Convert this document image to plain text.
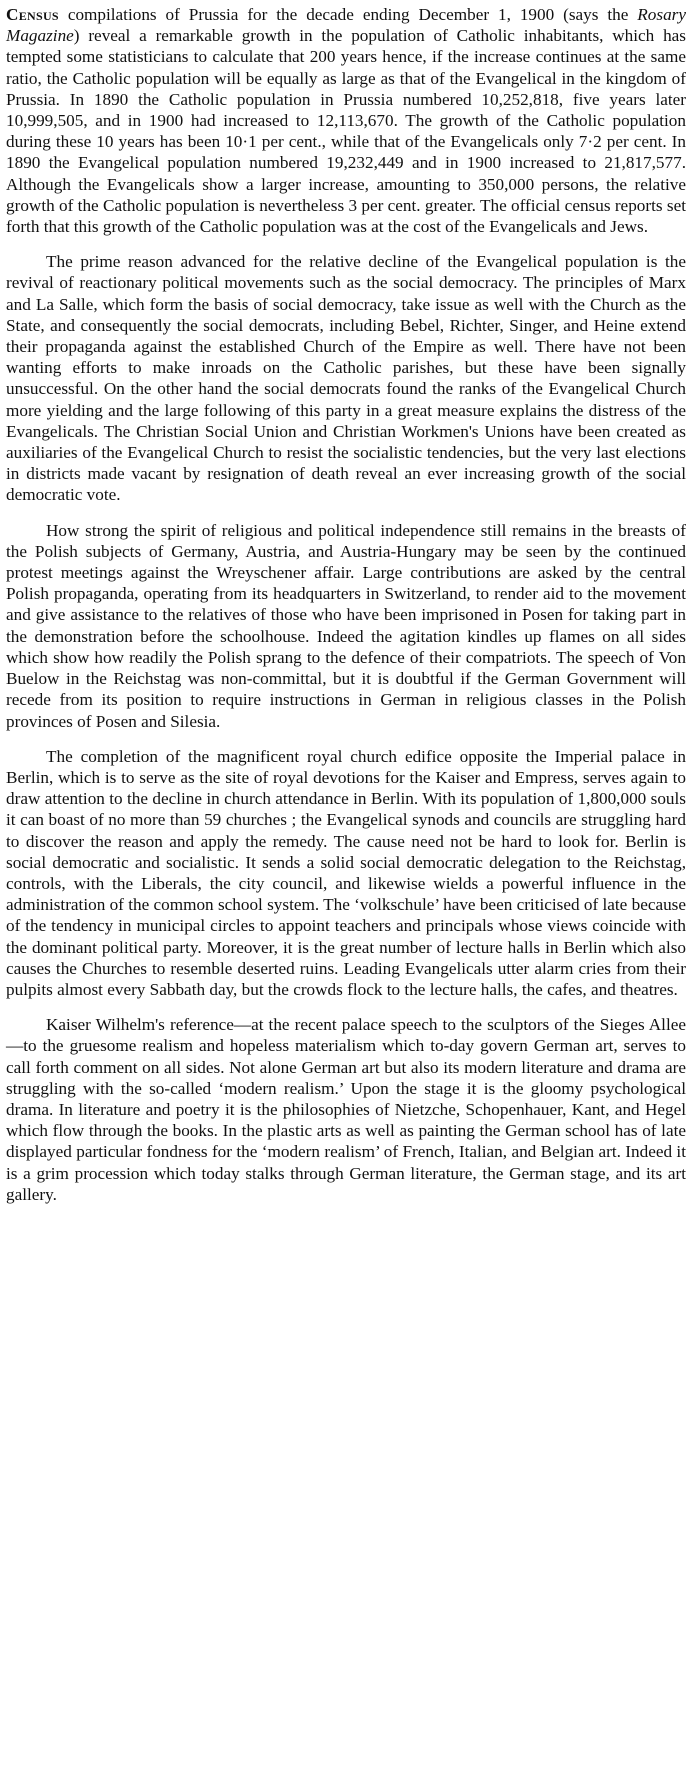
Census compilations of Prussia for the decade ending December 1, 1900 (says the Rosary Magazine) reveal a remarkable growth in the population of Catholic inhabitants, which has tempted some statisticians to calculate that 200 years hence, if the increase continues at the same ratio, the Catholic population will be equally as large as that of the Evangelical in the kingdom of Prussia. In 1890 the Catholic population in Prussia numbered 10,252,818, five years later 10,999,505, and in 1900 had increased to 12,113,670. The growth of the Catholic population during these 10 years has been 10·1 per cent., while that of the Evangelicals only 7·2 per cent. In 1890 the Evangelical population numbered 19,232,449 and in 1900 increased to 21,817,577. Although the Evangelicals show a larger increase, amounting to 350,000 persons, the relative growth of the Catholic population is nevertheless 3 per cent. greater. The official census reports set forth that this growth of the Catholic population was at the cost of the Evangelicals and Jews.

The prime reason advanced for the relative decline of the Evangelical population is the revival of reactionary political movements such as the social democracy. The principles of Marx and La Salle, which form the basis of social democracy, take issue as well with the Church as the State, and consequently the social democrats, including Bebel, Richter, Singer, and Heine extend their propaganda against the established Church of the Empire as well. There have not been wanting efforts to make inroads on the Catholic parishes, but these have been signally unsuccessful. On the other hand the social democrats found the ranks of the Evangelical Church more yielding and the large following of this party in a great measure explains the distress of the Evangelicals. The Christian Social Union and Christian Workmen's Unions have been created as auxiliaries of the Evangelical Church to resist the socialistic tendencies, but the very last elections in districts made vacant by resignation of death reveal an ever increasing growth of the social democratic vote.

How strong the spirit of religious and political independence still remains in the breasts of the Polish subjects of Germany, Austria, and Austria-Hungary may be seen by the continued protest meetings against the Wreyschener affair. Large contributions are asked by the central Polish propaganda, operating from its headquarters in Switzerland, to render aid to the movement and give assistance to the relatives of those who have been imprisoned in Posen for taking part in the demonstration before the schoolhouse. Indeed the agitation kindles up flames on all sides which show how readily the Polish sprang to the defence of their compatriots. The speech of Von Buelow in the Reichstag was non-committal, but it is doubtful if the German Government will recede from its position to require instructions in German in religious classes in the Polish provinces of Posen and Silesia.

The completion of the magnificent royal church edifice opposite the Imperial palace in Berlin, which is to serve as the site of royal devotions for the Kaiser and Empress, serves again to draw attention to the decline in church attendance in Berlin. With its population of 1,800,000 souls it can boast of no more than 59 churches ; the Evangelical synods and councils are struggling hard to discover the reason and apply the remedy. The cause need not be hard to look for. Berlin is social democratic and socialistic. It sends a solid social democratic delegation to the Reichstag, controls, with the Liberals, the city council, and likewise wields a powerful influence in the administration of the common school system. The ‘volkschule’ have been criticised of late because of the tendency in municipal circles to appoint teachers and principals whose views coincide with the dominant political party. Moreover, it is the great number of lecture halls in Berlin which also causes the Churches to resemble deserted ruins. Leading Evangelicals utter alarm cries from their pulpits almost every Sabbath day, but the crowds flock to the lecture halls, the cafes, and theatres.

Kaiser Wilhelm's reference—at the recent palace speech to the sculptors of the Sieges Allee—to the gruesome realism and hopeless materialism which to-day govern German art, serves to call forth comment on all sides. Not alone German art but also its modern literature and drama are struggling with the so-called ‘modern realism.’ Upon the stage it is the gloomy psychological drama. In literature and poetry it is the philosophies of Nietzche, Schopenhauer, Kant, and Hegel which flow through the books. In the plastic arts as well as painting the German school has of late displayed particular fondness for the ‘modern realism’ of French, Italian, and Belgian art. Indeed it is a grim procession which today stalks through German literature, the German stage, and its art gallery.
